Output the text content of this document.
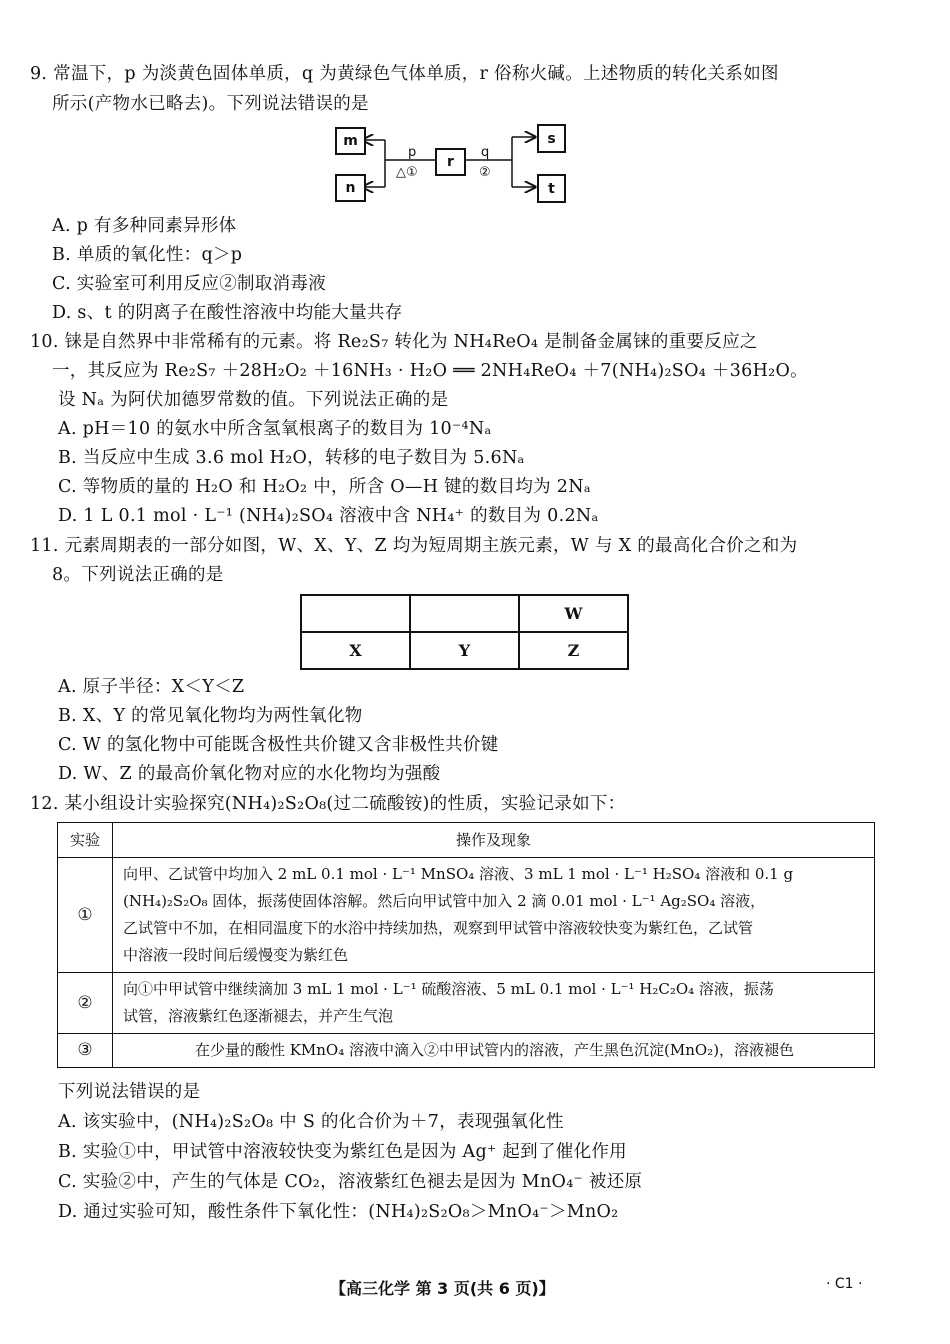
9. 常温下，p 为淡黄色固体单质，q 为黄绿色气体单质，r 俗称火碱。上述物质的转化关系如图
所示(产物水已略去)。下列说法错误的是
m
n
r
s
t
p
△①
q
②
A. p 有多种同素异形体
B. 单质的氧化性：q＞p
C. 实验室可利用反应②制取消毒液
D. s、t 的阴离子在酸性溶液中均能大量共存
10. 铼是自然界中非常稀有的元素。将 Re₂S₇ 转化为 NH₄ReO₄ 是制备金属铼的重要反应之
一，其反应为 Re₂S₇ ＋28H₂O₂ ＋16NH₃ · H₂O ══ 2NH₄ReO₄ ＋7(NH₄)₂SO₄ ＋36H₂O。
设 Nₐ 为阿伏加德罗常数的值。下列说法正确的是
A. pH＝10 的氨水中所含氢氧根离子的数目为 10⁻⁴Nₐ
B. 当反应中生成 3.6 mol H₂O，转移的电子数目为 5.6Nₐ
C. 等物质的量的 H₂O 和 H₂O₂ 中，所含 O—H 键的数目均为 2Nₐ
D. 1 L 0.1 mol · L⁻¹ (NH₄)₂SO₄ 溶液中含 NH₄⁺ 的数目为 0.2Nₐ
11. 元素周期表的一部分如图，W、X、Y、Z 均为短周期主族元素，W 与 X 的最高化合价之和为
8。下列说法正确的是
		W
X	Y	Z
A. 原子半径：X＜Y＜Z
B. X、Y 的常见氧化物均为两性氧化物
C. W 的氢化物中可能既含极性共价键又含非极性共价键
D. W、Z 的最高价氧化物对应的水化物均为强酸
12. 某小组设计实验探究(NH₄)₂S₂O₈(过二硫酸铵)的性质，实验记录如下：
实验	操作及现象
①	向甲、乙试管中均加入 2 mL 0.1 mol · L⁻¹ MnSO₄ 溶液、3 mL 1 mol · L⁻¹ H₂SO₄ 溶液和 0.1 g
(NH₄)₂S₂O₈ 固体，振荡使固体溶解。然后向甲试管中加入 2 滴 0.01 mol · L⁻¹ Ag₂SO₄ 溶液，
乙试管中不加，在相同温度下的水浴中持续加热，观察到甲试管中溶液较快变为紫红色，乙试管
中溶液一段时间后缓慢变为紫红色

②	向①中甲试管中继续滴加 3 mL 1 mol · L⁻¹ 硫酸溶液、5 mL 0.1 mol · L⁻¹ H₂C₂O₄ 溶液，振荡
试管，溶液紫红色逐渐褪去，并产生气泡

③	在少量的酸性 KMnO₄ 溶液中滴入②中甲试管内的溶液，产生黑色沉淀(MnO₂)，溶液褪色
下列说法错误的是
A. 该实验中，(NH₄)₂S₂O₈ 中 S 的化合价为＋7，表现强氧化性
B. 实验①中，甲试管中溶液较快变为紫红色是因为 Ag⁺ 起到了催化作用
C. 实验②中，产生的气体是 CO₂，溶液紫红色褪去是因为 MnO₄⁻ 被还原
D. 通过实验可知，酸性条件下氧化性：(NH₄)₂S₂O₈＞MnO₄⁻＞MnO₂
【高三化学 第 3 页(共 6 页)】	· C1 ·
